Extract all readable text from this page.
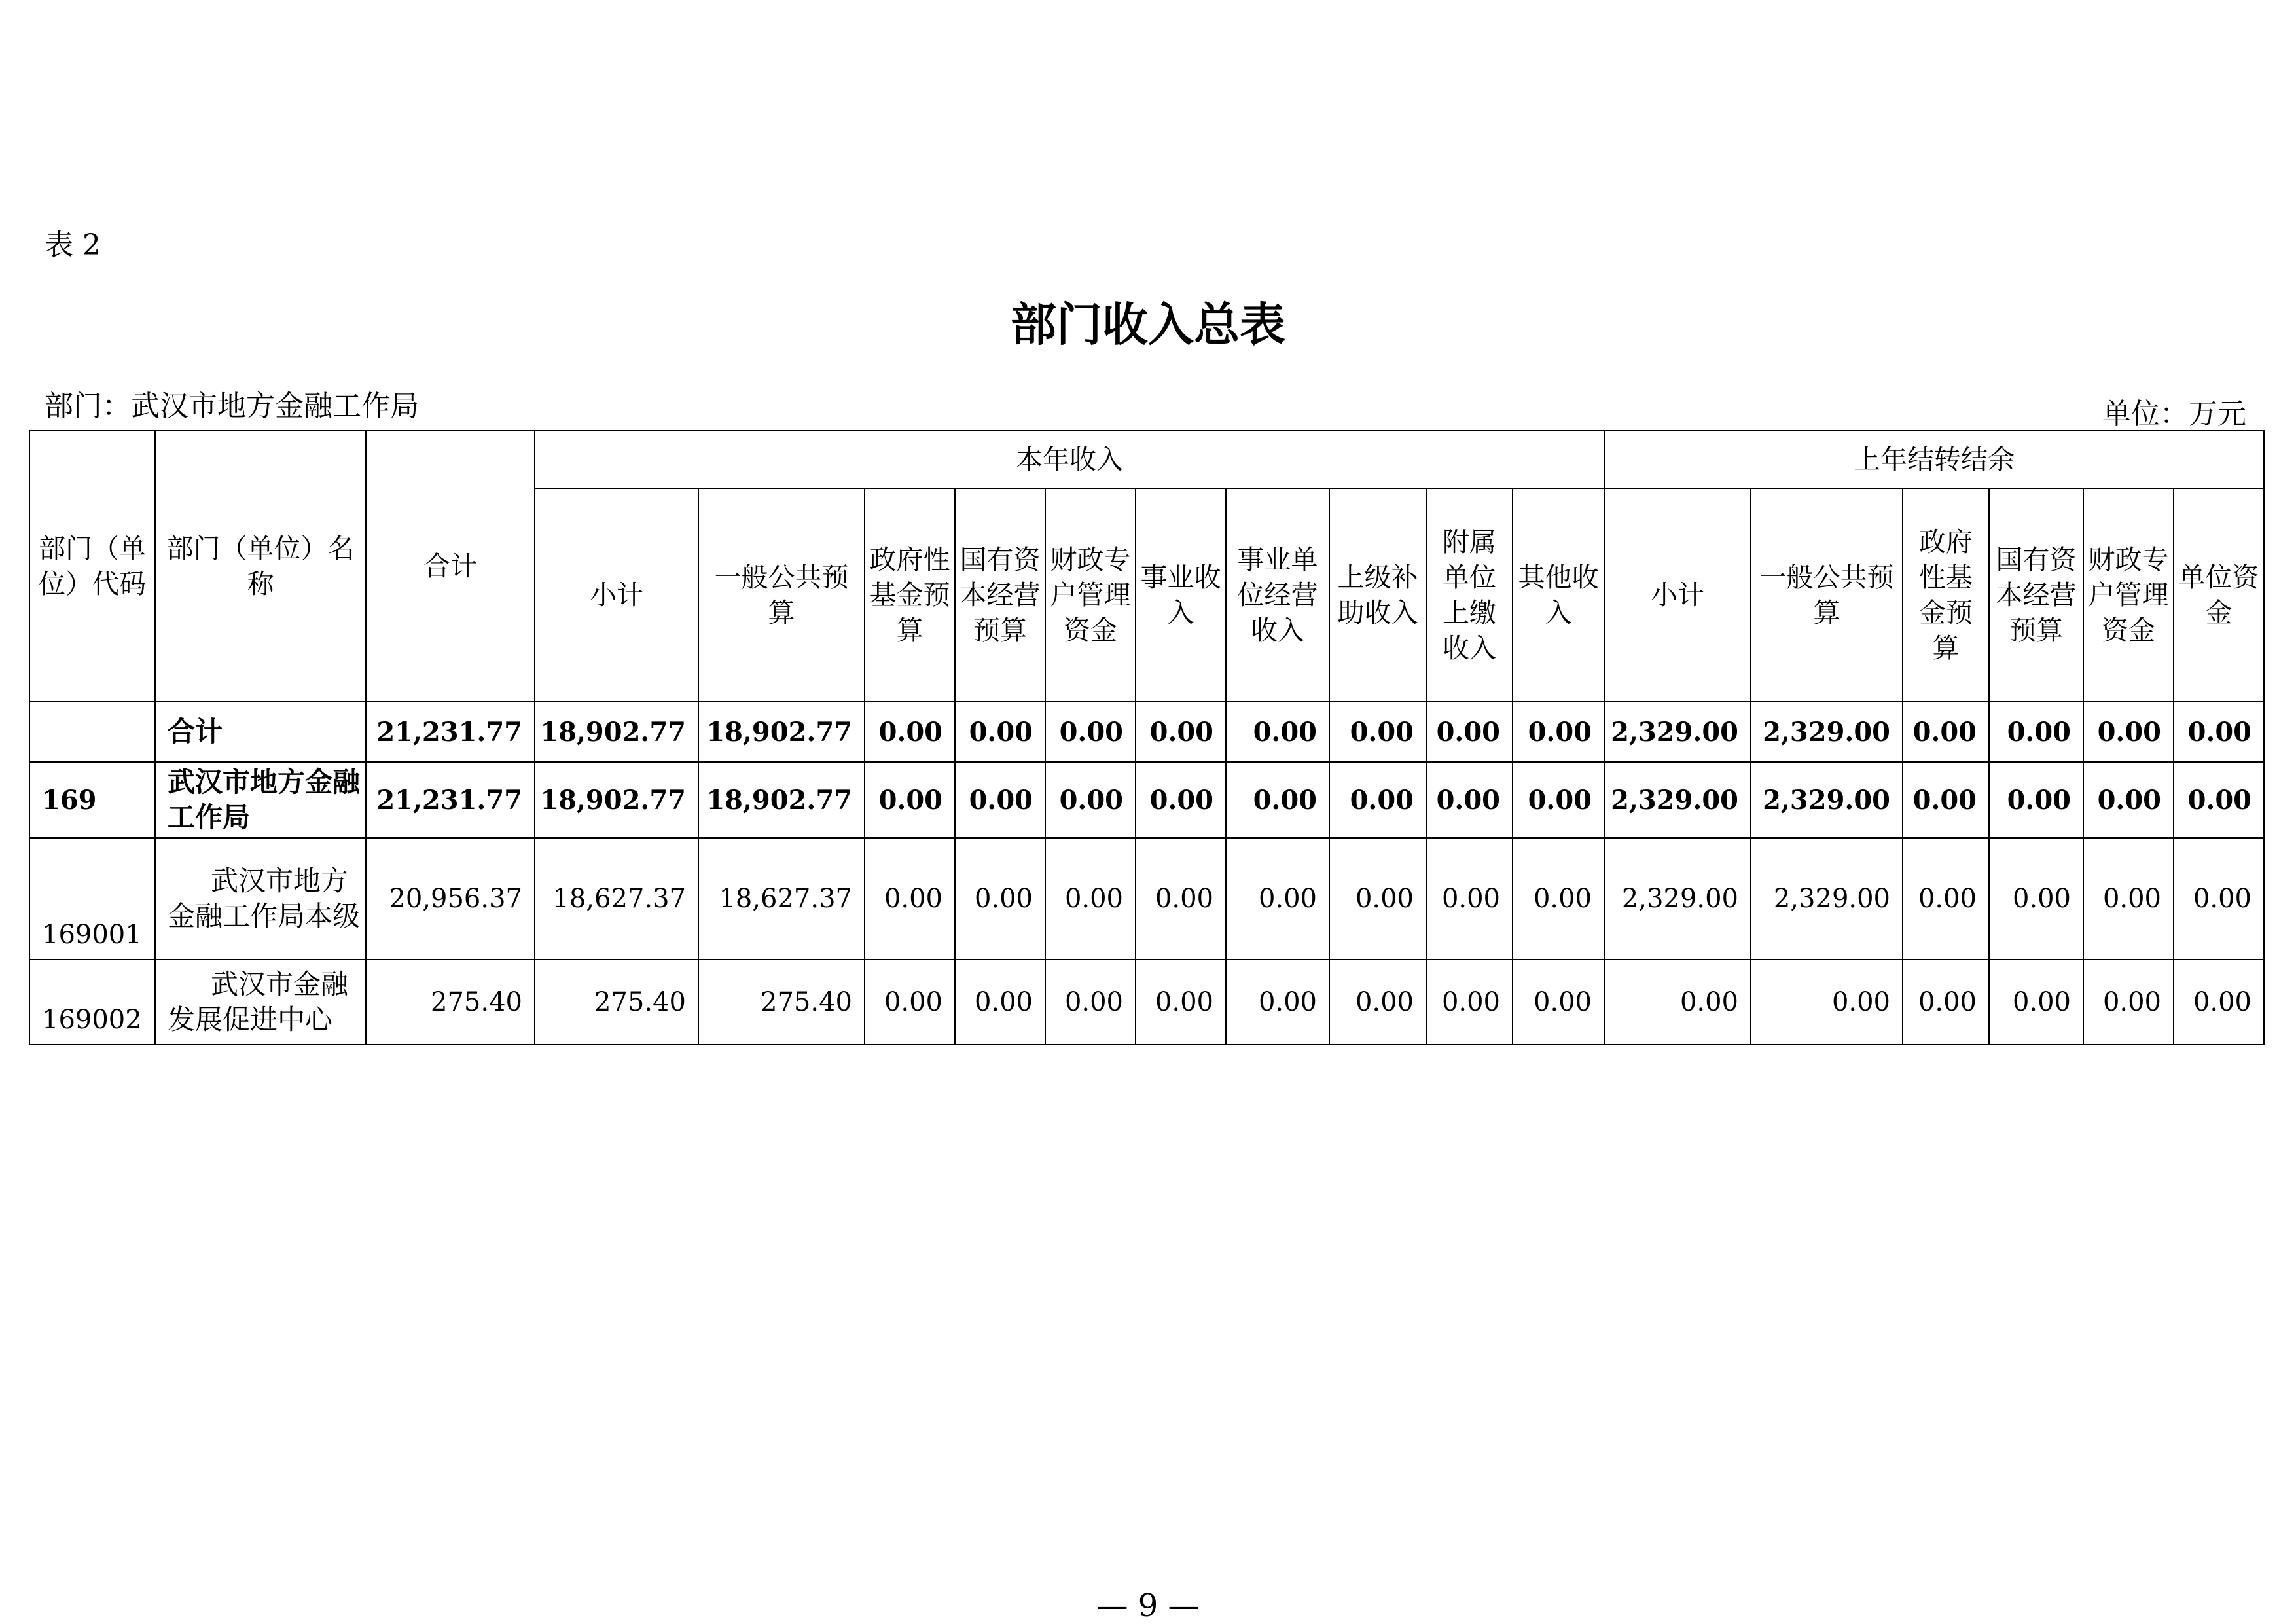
表 2
部门收入总表
部门：武汉市地方金融工作局	单位：万元
部门（单位）代码	部门（单位）名称	合计	本年收入										上年结转结余					
			小计	一般公共预算	政府性基金预算	国有资本经营预算	财政专户管理资金	事业收入	事业单位经营收入	上级补助收入	附属单位上缴收入	其他收入	小计	一般公共预算	政府性基金预算	国有资本经营预算	财政专户管理资金	单位资金
	合计	21,231.77	18,902.77	18,902.77	0.00	0.00	0.00	0.00	0.00	0.00	0.00	0.00	2,329.00	2,329.00	0.00	0.00	0.00	0.00
169	武汉市地方金融工作局	21,231.77	18,902.77	18,902.77	0.00	0.00	0.00	0.00	0.00	0.00	0.00	0.00	2,329.00	2,329.00	0.00	0.00	0.00	0.00
169001	武汉市地方金融工作局本级	20,956.37	18,627.37	18,627.37	0.00	0.00	0.00	0.00	0.00	0.00	0.00	0.00	2,329.00	2,329.00	0.00	0.00	0.00	0.00
169002	武汉市金融发展促进中心	275.40	275.40	275.40	0.00	0.00	0.00	0.00	0.00	0.00	0.00	0.00	0.00	0.00	0.00	0.00	0.00	0.00
— 9 —
